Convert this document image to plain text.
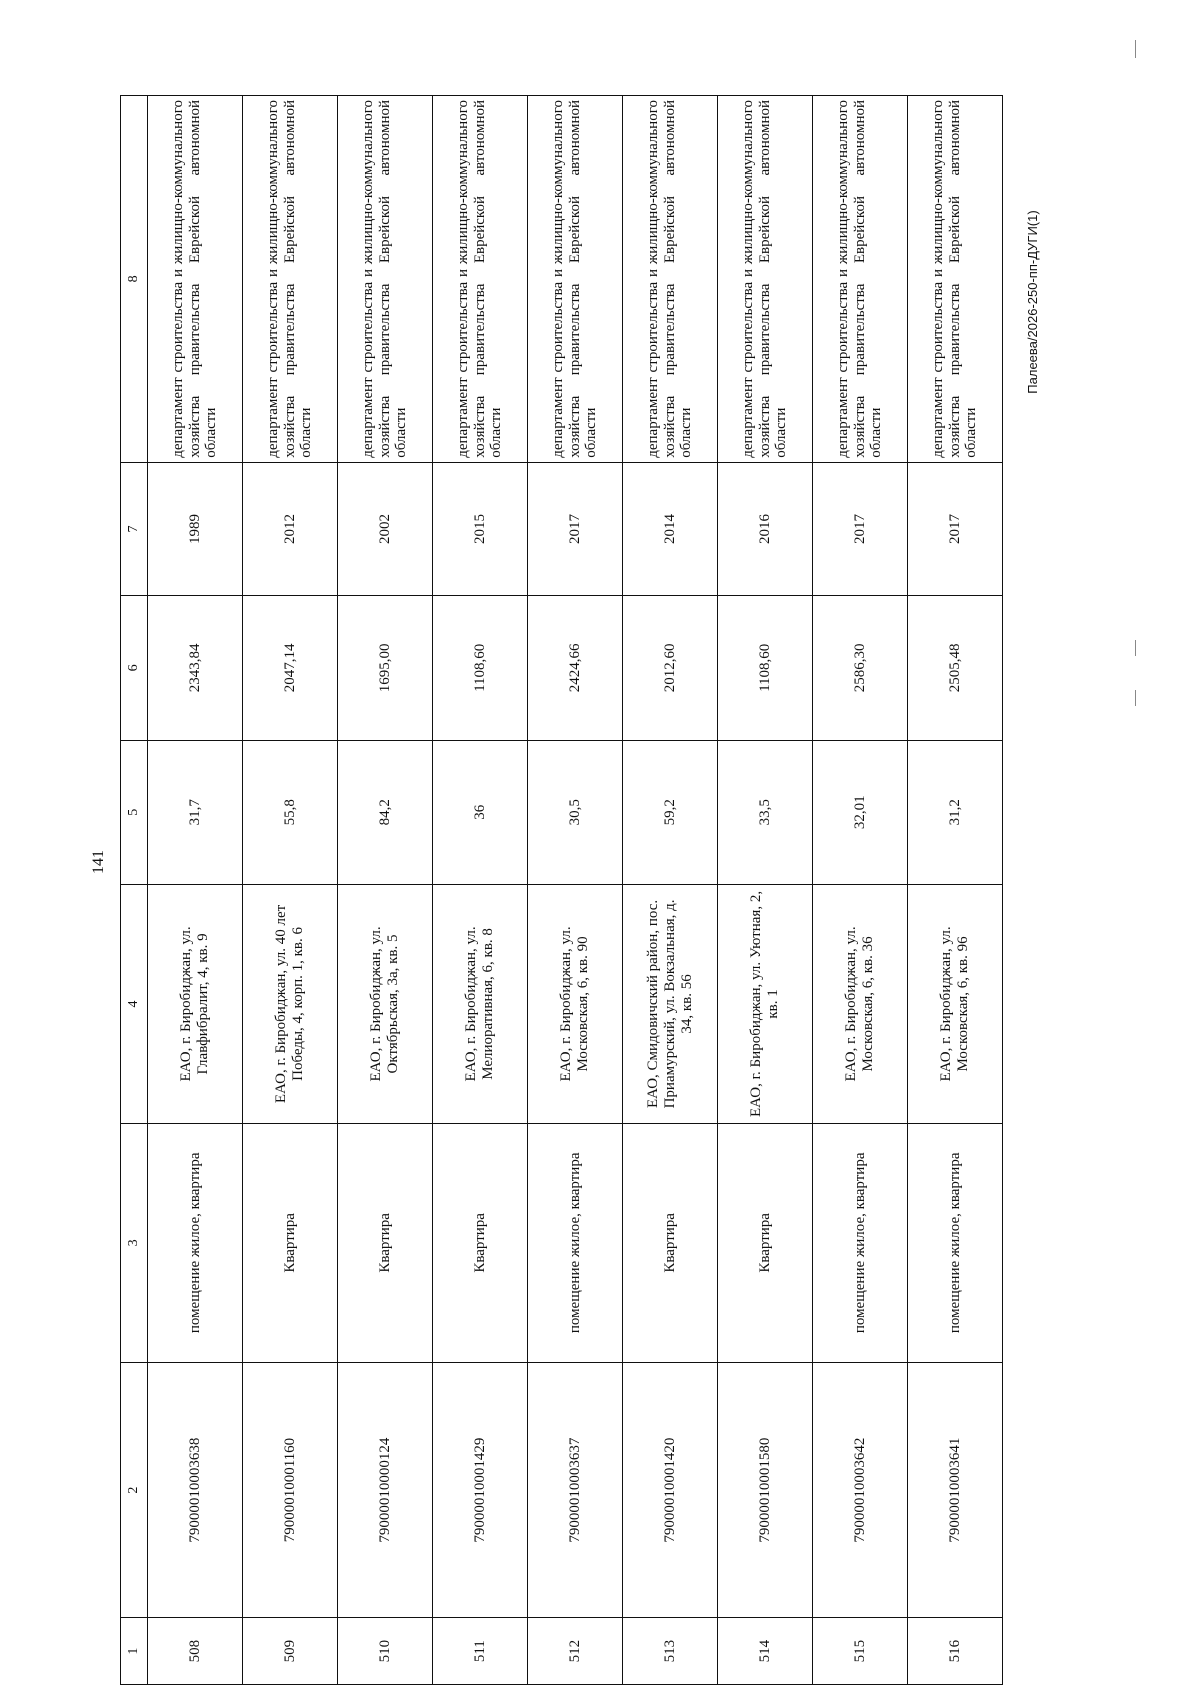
141
Палеева/2026-250-пп-ДУГИ(1)
1	2	3	4	5	6	7	8
508	79000010003638	помещение жилое, квартира	ЕАО, г. Биробиджан, ул. Главфибралит, 4, кв. 9	31,7	2343,84	1989	департамент строительства и жилищно-коммунального хозяйства правительства Еврейской автономной области
509	79000010001160	Квартира	ЕАО, г. Биробиджан, ул. 40 лет Победы, 4, корп. 1, кв. 6	55,8	2047,14	2012	департамент строительства и жилищно-коммунального хозяйства правительства Еврейской автономной области
510	79000010000124	Квартира	ЕАО, г. Биробиджан, ул. Октябрьская, 3а, кв. 5	84,2	1695,00	2002	департамент строительства и жилищно-коммунального хозяйства правительства Еврейской автономной области
511	79000010001429	Квартира	ЕАО, г. Биробиджан, ул. Мелиоративная, 6, кв. 8	36	1108,60	2015	департамент строительства и жилищно-коммунального хозяйства правительства Еврейской автономной области
512	79000010003637	помещение жилое, квартира	ЕАО, г. Биробиджан, ул. Московская, 6, кв. 90	30,5	2424,66	2017	департамент строительства и жилищно-коммунального хозяйства правительства Еврейской автономной области
513	79000010001420	Квартира	ЕАО, Смидовичский район, пос. Приамурский, ул. Вокзальная, д. 34, кв. 56	59,2	2012,60	2014	департамент строительства и жилищно-коммунального хозяйства правительства Еврейской автономной области
514	79000010001580	Квартира	ЕАО, г. Биробиджан, ул. Уютная, 2, кв. 1	33,5	1108,60	2016	департамент строительства и жилищно-коммунального хозяйства правительства Еврейской автономной области
515	79000010003642	помещение жилое, квартира	ЕАО, г. Биробиджан, ул. Московская, 6, кв. 36	32,01	2586,30	2017	департамент строительства и жилищно-коммунального хозяйства правительства Еврейской автономной области
516	79000010003641	помещение жилое, квартира	ЕАО, г. Биробиджан, ул. Московская, 6, кв. 96	31,2	2505,48	2017	департамент строительства и жилищно-коммунального хозяйства правительства Еврейской автономной области
